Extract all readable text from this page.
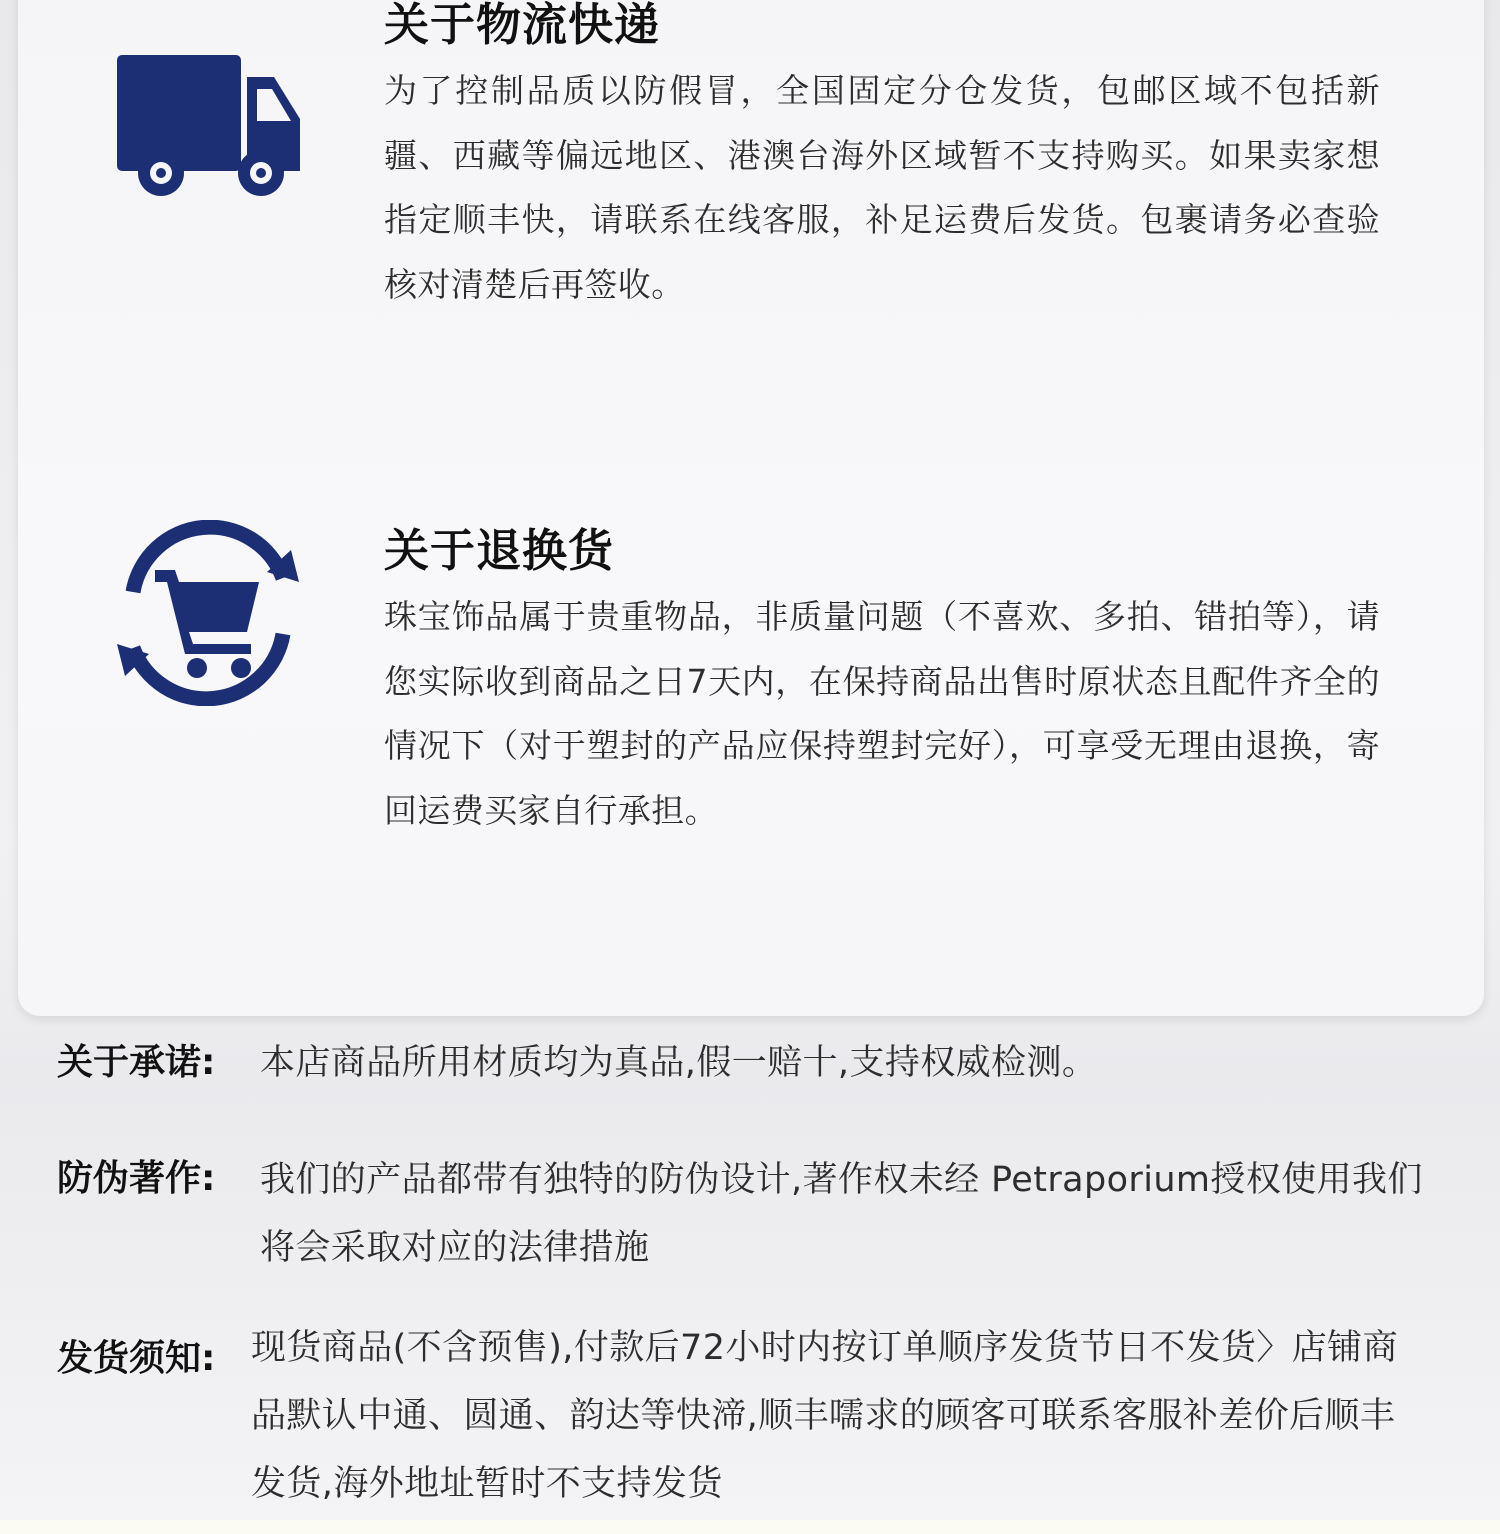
关于物流快递

为了控制品质以防假冒，全国固定分仓发货，包邮区域不包括新疆、西藏等偏远地区、港澳台海外区域暂不支持购买。如果卖家想指定顺丰快，请联系在线客服，补足运费后发货。包裹请务必查验核对清楚后再签收。

关于退换货

珠宝饰品属于贵重物品，非质量问题（不喜欢、多拍、错拍等），请您实际收到商品之日7天内，在保持商品出售时原状态且配件齐全的情况下（对于塑封的产品应保持塑封完好），可享受无理由退换，寄回运费买家自行承担。

关于承诺: 本店商品所用材质均为真品,假一赔十,支持权威检测。
防伪著作: 我们的产品都带有独特的防伪设计,著作权未经 Petraporium授权使用我们将会采取对应的法律措施
发货须知: 现货商品(不含预售),付款后72小时内按订单顺序发货节日不发货〉店铺商品默认中通、圆通、韵达等快渧,顺丰嚅求的顾客可联系客服补差价后顺丰发货,海外地址暂时不支持发货
